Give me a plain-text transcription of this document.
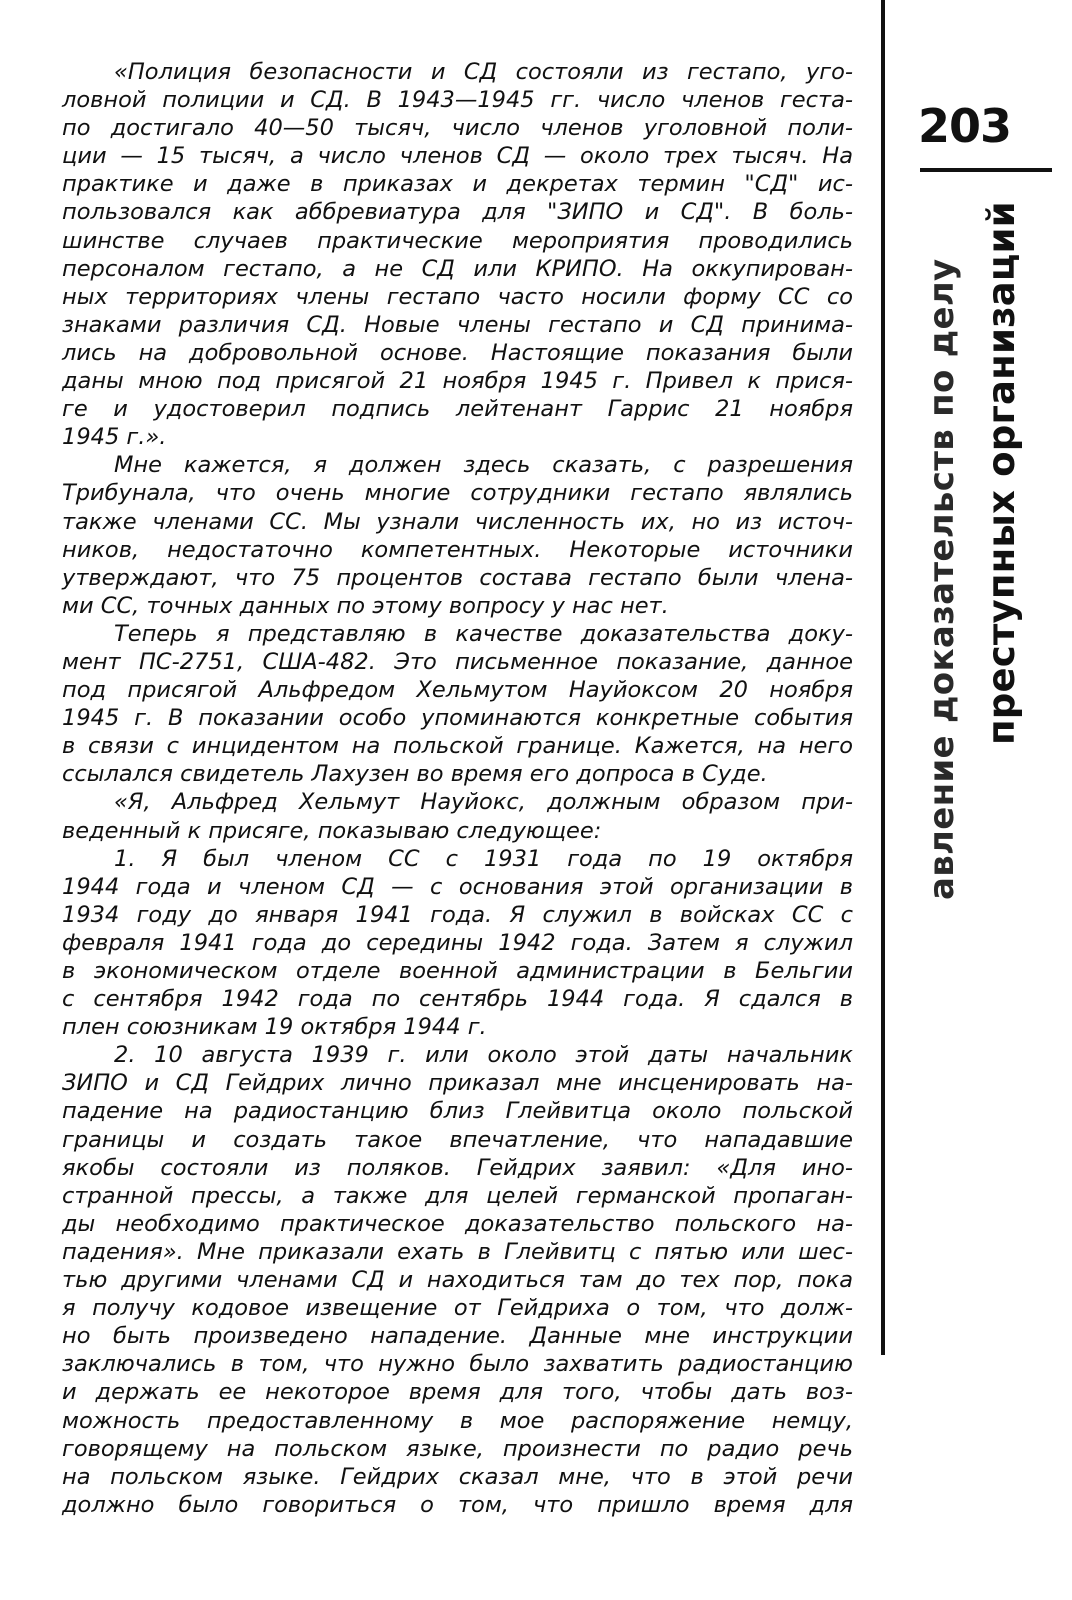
«Полиция безопасности и СД состояли из гестапо, уго-
ловной полиции и СД. В 1943—1945 гг. число членов геста-
по достигало 40—50 тысяч, число членов уголовной поли-
ции — 15 тысяч, а число членов СД — около трех тысяч. На
практике и даже в приказах и декретах термин "СД" ис-
пользовался как аббревиатура для "ЗИПО и СД". В боль-
шинстве случаев практические мероприятия проводились
персоналом гестапо, а не СД или КРИПО. На оккупирован-
ных территориях члены гестапо часто носили форму СС со
знаками различия СД. Новые члены гестапо и СД принима-
лись на добровольной основе. Настоящие показания были
даны мною под присягой 21 ноября 1945 г. Привел к прися-
ге и удостоверил подпись лейтенант Гаррис 21 ноября
1945 г.».
Мне кажется, я должен здесь сказать, с разрешения
Трибунала, что очень многие сотрудники гестапо являлись
также членами СС. Мы узнали численность их, но из источ-
ников, недостаточно компетентных. Некоторые источники
утверждают, что 75 процентов состава гестапо были члена-
ми СС, точных данных по этому вопросу у нас нет.
Теперь я представляю в качестве доказательства доку-
мент ПС-2751, США-482. Это письменное показание, данное
под присягой Альфредом Хельмутом Науйоксом 20 ноября
1945 г. В показании особо упоминаются конкретные события
в связи с инцидентом на польской границе. Кажется, на него
ссылался свидетель Лахузен во время его допроса в Суде.
«Я, Альфред Хельмут Науйокс, должным образом при-
веденный к присяге, показываю следующее:
1. Я был членом СС с 1931 года по 19 октября
1944 года и членом СД — с основания этой организации в
1934 году до января 1941 года. Я служил в войсках СС с
февраля 1941 года до середины 1942 года. Затем я служил
в экономическом отделе военной администрации в Бельгии
с сентября 1942 года по сентябрь 1944 года. Я сдался в
плен союзникам 19 октября 1944 г.
2. 10 августа 1939 г. или около этой даты начальник
ЗИПО и СД Гейдрих лично приказал мне инсценировать на-
падение на радиостанцию близ Глейвитца около польской
границы и создать такое впечатление, что нападавшие
якобы состояли из поляков. Гейдрих заявил: «Для ино-
странной прессы, а также для целей германской пропаган-
ды необходимо практическое доказательство польского на-
падения». Мне приказали ехать в Глейвитц с пятью или шес-
тью другими членами СД и находиться там до тех пор, пока
я получу кодовое извещение от Гейдриха о том, что долж-
но быть произведено нападение. Данные мне инструкции
заключались в том, что нужно было захватить радиостанцию
и держать ее некоторое время для того, чтобы дать воз-
можность предоставленному в мое распоряжение немцу,
говорящему на польском языке, произнести по радио речь
на польском языке. Гейдрих сказал мне, что в этой речи
должно было говориться о том, что пришло время для
203
авление доказательств по делу преступных организаций
